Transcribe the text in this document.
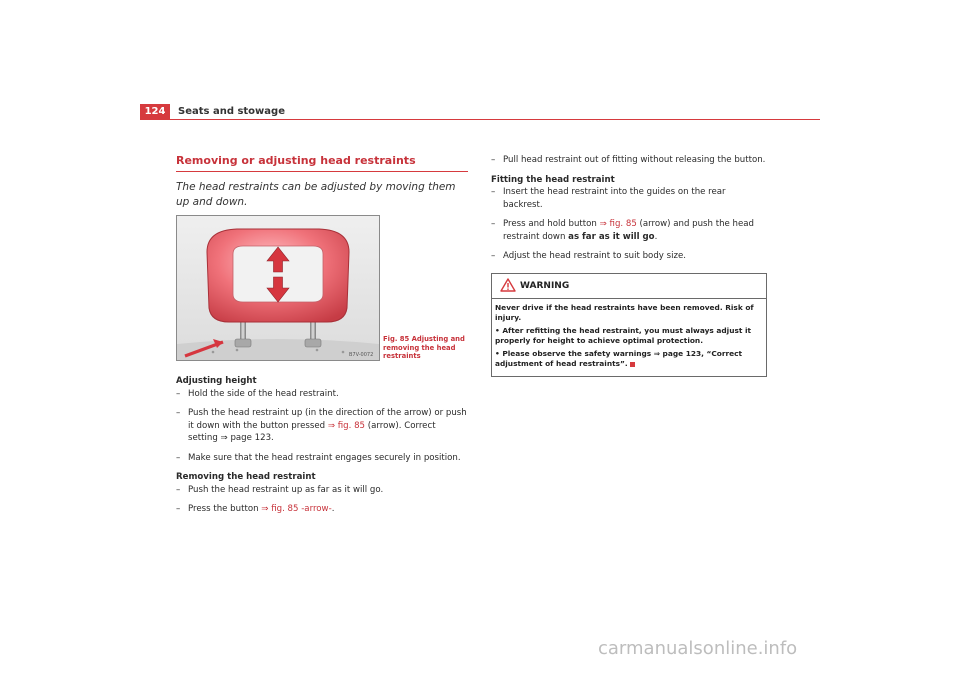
124	Seats and stowage
Removing or adjusting head restraints
The head restraints can be adjusted by moving them up and down.
B7V-0072
Fig. 85 Adjusting and removing the head restraints

Adjusting height

– Hold the side of the head restraint.
– Push the head restraint up (in the direction of the arrow) or push it down with the button pressed ⇒ fig. 85 (arrow). Correct setting ⇒ page 123.
– Make sure that the head restraint engages securely in position.

Removing the head restraint

– Push the head restraint up as far as it will go.
– Press the button ⇒ fig. 85 -arrow-.
– Pull head restraint out of fitting without releasing the button.

Fitting the head restraint

– Insert the head restraint into the guides on the rear backrest.
– Press and hold button ⇒ fig. 85 (arrow) and push the head restraint down as far as it will go.
– Adjust the head restraint to suit body size.
WARNING

Never drive if the head restraints have been removed. Risk of injury.

• After refitting the head restraint, you must always adjust it properly for height to achieve optimal protection.

• Please observe the safety warnings ⇒ page 123, “Correct adjustment of head restraints”.

carmanualsonline.info
